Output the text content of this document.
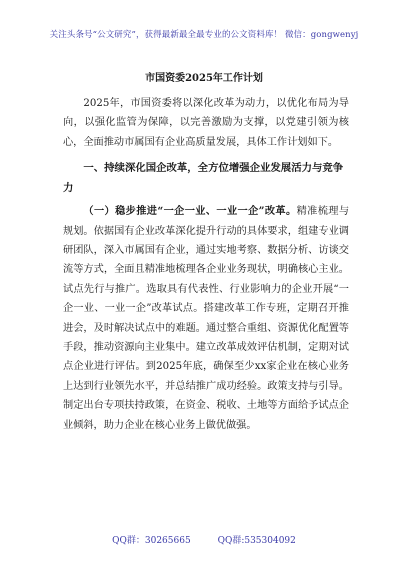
关注头条号“公文研究”，获得最新最全最专业的公文资料库！ 微信：gongwenyj
市国资委2025年工作计划

2025年，市国资委将以深化改革为动力，以优化布局为导向，以强化监管为保障，以完善激励为支撑，以党建引领为核心，全面推动市属国有企业高质量发展，具体工作计划如下。

一、持续深化国企改革，全方位增强企业发展活力与竞争力

（一）稳步推进“一企一业、一业一企”改革。精准梳理与规划。依据国有企业改革深化提升行动的具体要求，组建专业调研团队，深入市属国有企业，通过实地考察、数据分析、访谈交流等方式，全面且精准地梳理各企业业务现状，明确核心主业。试点先行与推广。选取具有代表性、行业影响力的企业开展“一企一业、一业一企”改革试点。搭建改革工作专班，定期召开推进会，及时解决试点中的难题。通过整合重组、资源优化配置等手段，推动资源向主业集中。建立改革成效评估机制，定期对试点企业进行评估。到2025年底，确保至少xx家企业在核心业务上达到行业领先水平，并总结推广成功经验。政策支持与引导。制定出台专项扶持政策，在资金、税收、土地等方面给予试点企业倾斜，助力企业在核心业务上做优做强。

QQ群：30265665	QQ群:535304092
